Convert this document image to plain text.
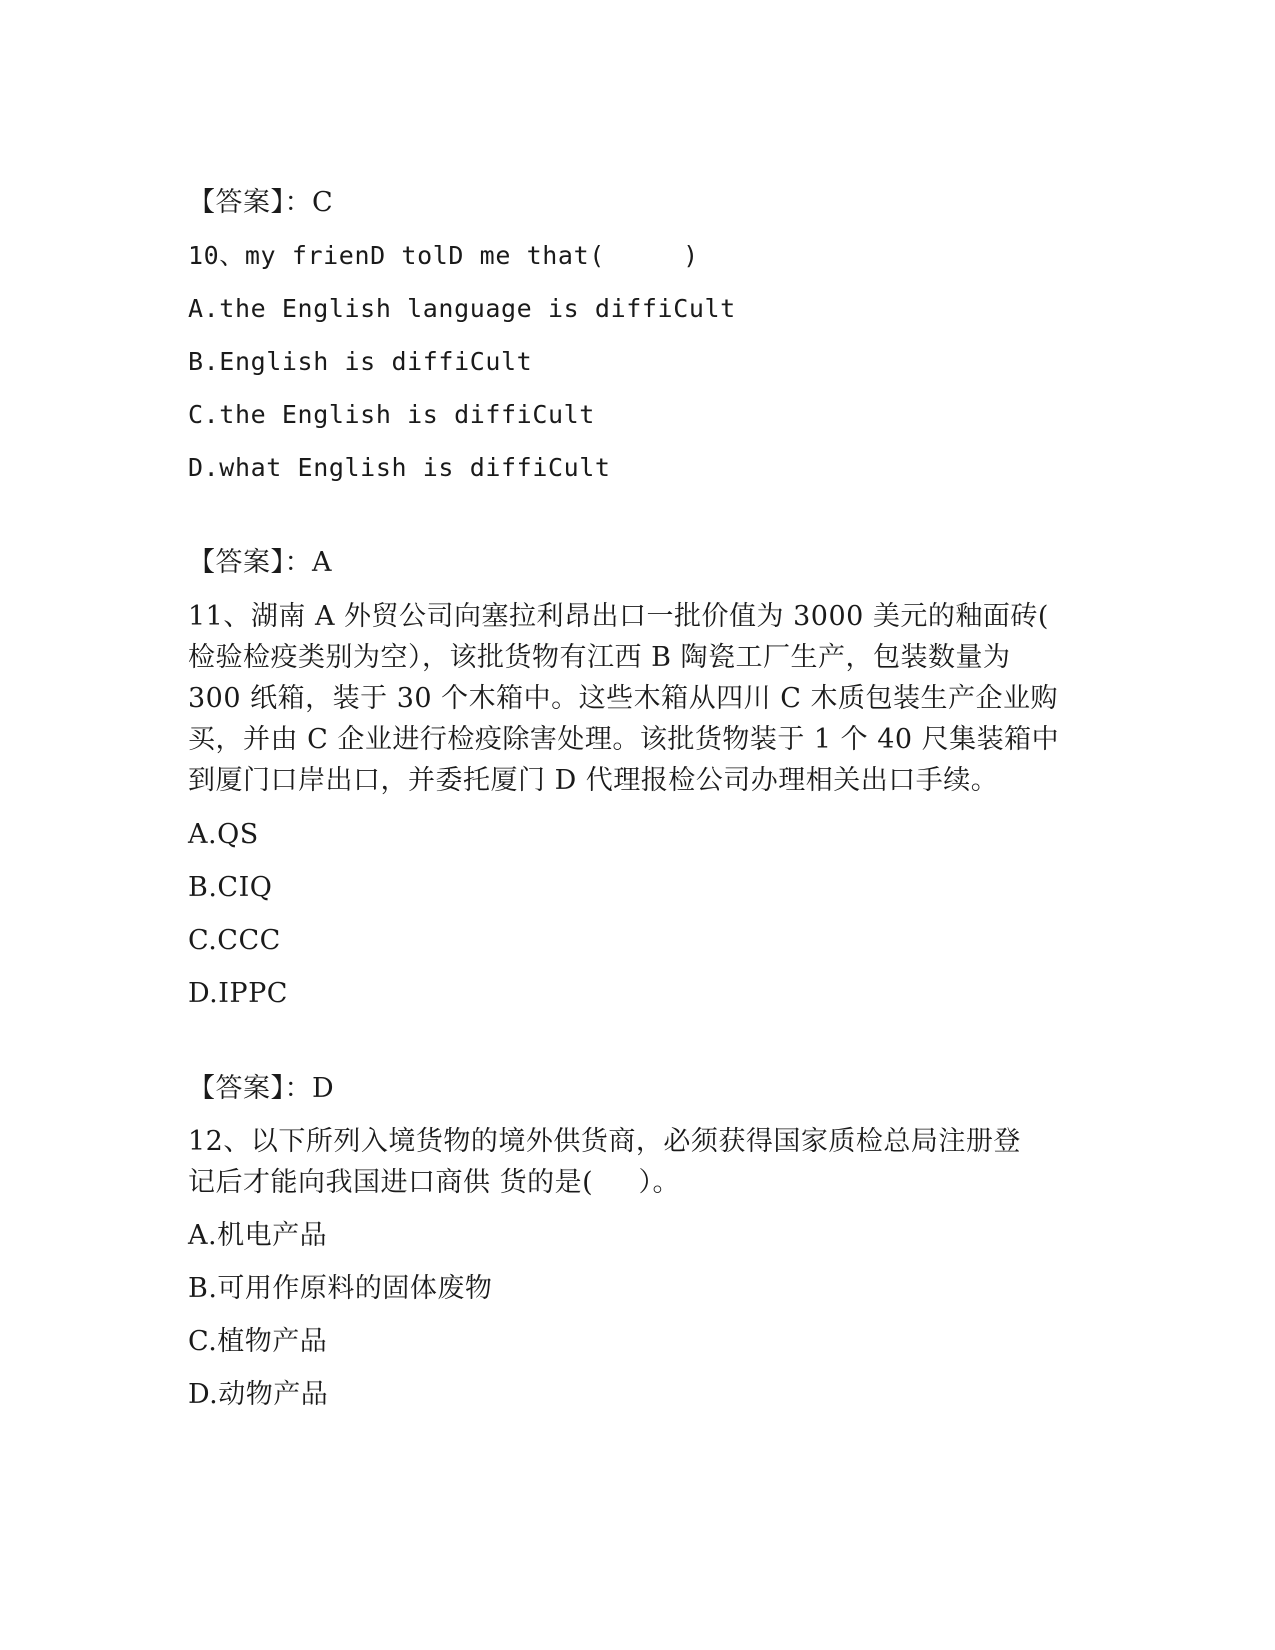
【答案】：C
10、my frienD tolD me that(     )
A.the English language is diffiCult
B.English is diffiCult
C.the English is diffiCult
D.what English is diffiCult
【答案】：A
11、湖南 A 外贸公司向塞拉利昂出口一批价值为 3000 美元的釉面砖(
检验检疫类别为空），该批货物有江西 B 陶瓷工厂生产，包装数量为
300 纸箱，装于 30 个木箱中。这些木箱从四川 C 木质包装生产企业购
买，并由 C 企业进行检疫除害处理。该批货物装于 1 个 40 尺集装箱中
到厦门口岸出口，并委托厦门 D 代理报检公司办理相关出口手续。
A.QS
B.CIQ
C.CCC
D.IPPC
【答案】：D
12、以下所列入境货物的境外供货商，必须获得国家质检总局注册登
记后才能向我国进口商供 货的是(     ）。
A.机电产品
B.可用作原料的固体废物
C.植物产品
D.动物产品
